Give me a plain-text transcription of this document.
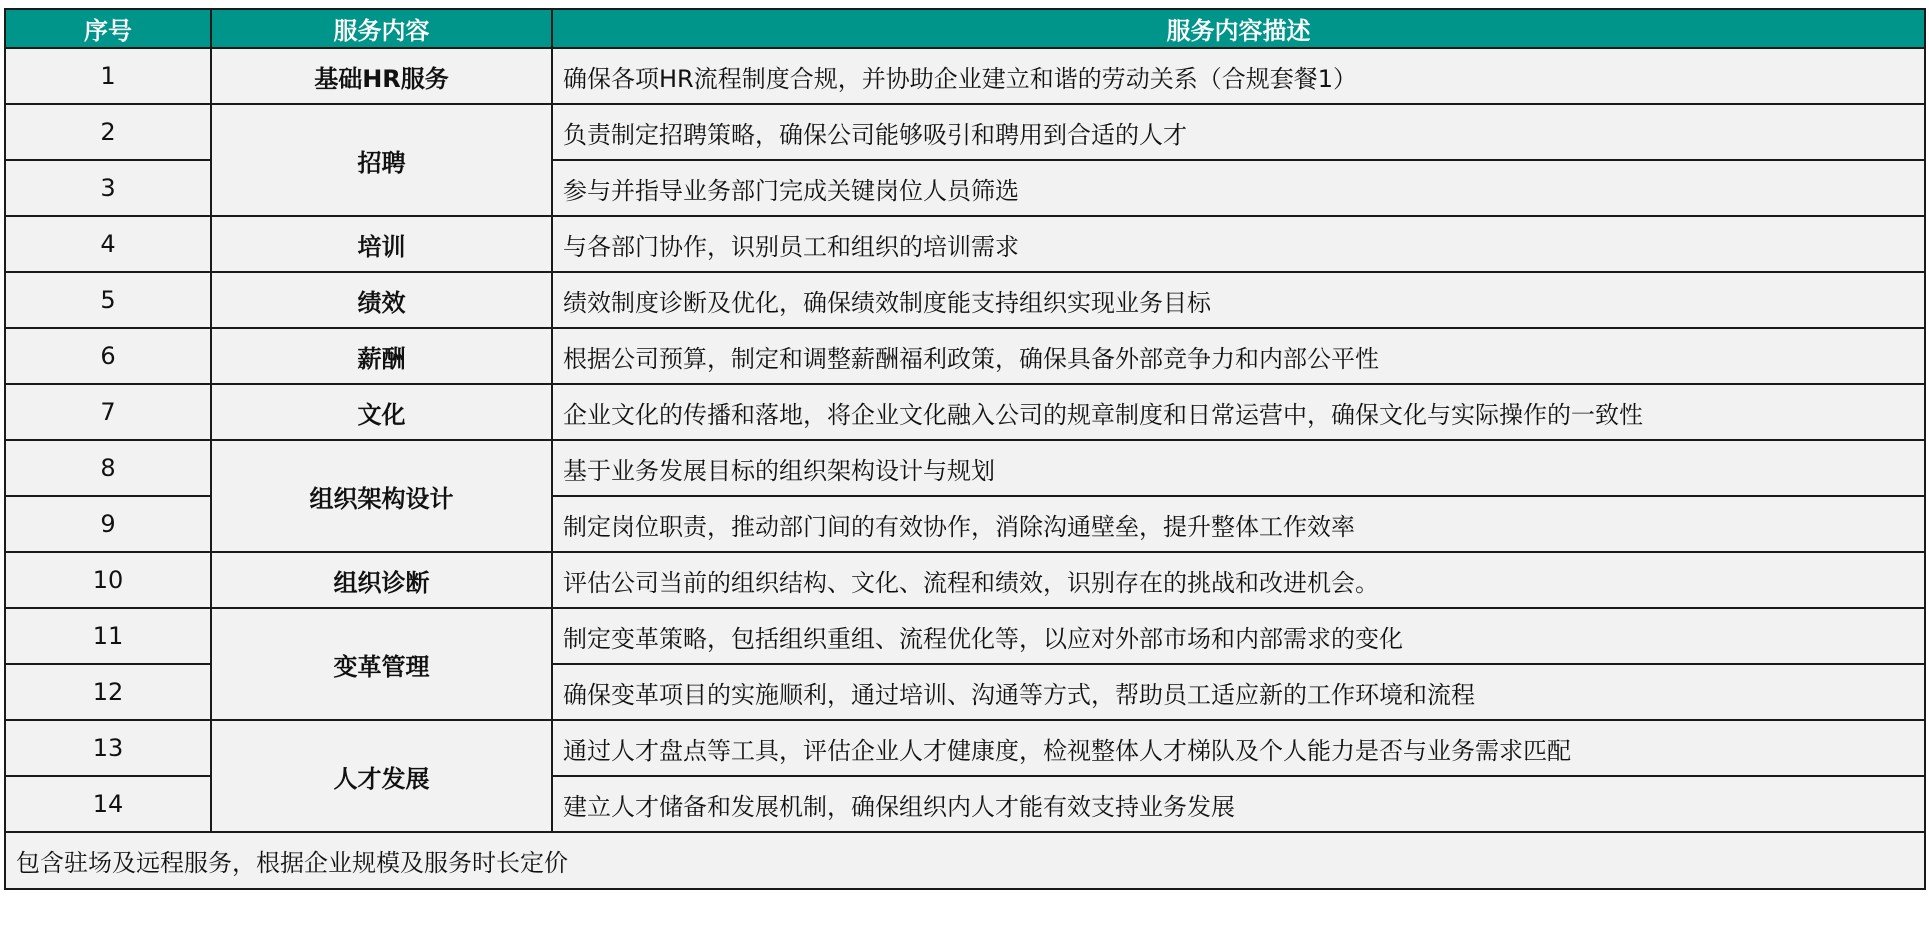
序号	服务内容	服务内容描述
1	基础HR服务	确保各项HR流程制度合规，并协助企业建立和谐的劳动关系（合规套餐1）
2	招聘	负责制定招聘策略，确保公司能够吸引和聘用到合适的人才
3		参与并指导业务部门完成关键岗位人员筛选
4	培训	与各部门协作，识别员工和组织的培训需求
5	绩效	绩效制度诊断及优化，确保绩效制度能支持组织实现业务目标
6	薪酬	根据公司预算，制定和调整薪酬福利政策，确保具备外部竞争力和内部公平性
7	文化	企业文化的传播和落地，将企业文化融入公司的规章制度和日常运营中，确保文化与实际操作的一致性
8	组织架构设计	基于业务发展目标的组织架构设计与规划
9		制定岗位职责，推动部门间的有效协作，消除沟通壁垒，提升整体工作效率
10	组织诊断	评估公司当前的组织结构、文化、流程和绩效，识别存在的挑战和改进机会。
11	变革管理	制定变革策略，包括组织重组、流程优化等，以应对外部市场和内部需求的变化
12		确保变革项目的实施顺利，通过培训、沟通等方式，帮助员工适应新的工作环境和流程
13	人才发展	通过人才盘点等工具，评估企业人才健康度，检视整体人才梯队及个人能力是否与业务需求匹配
14		建立人才储备和发展机制，确保组织内人才能有效支持业务发展
包含驻场及远程服务，根据企业规模及服务时长定价		
